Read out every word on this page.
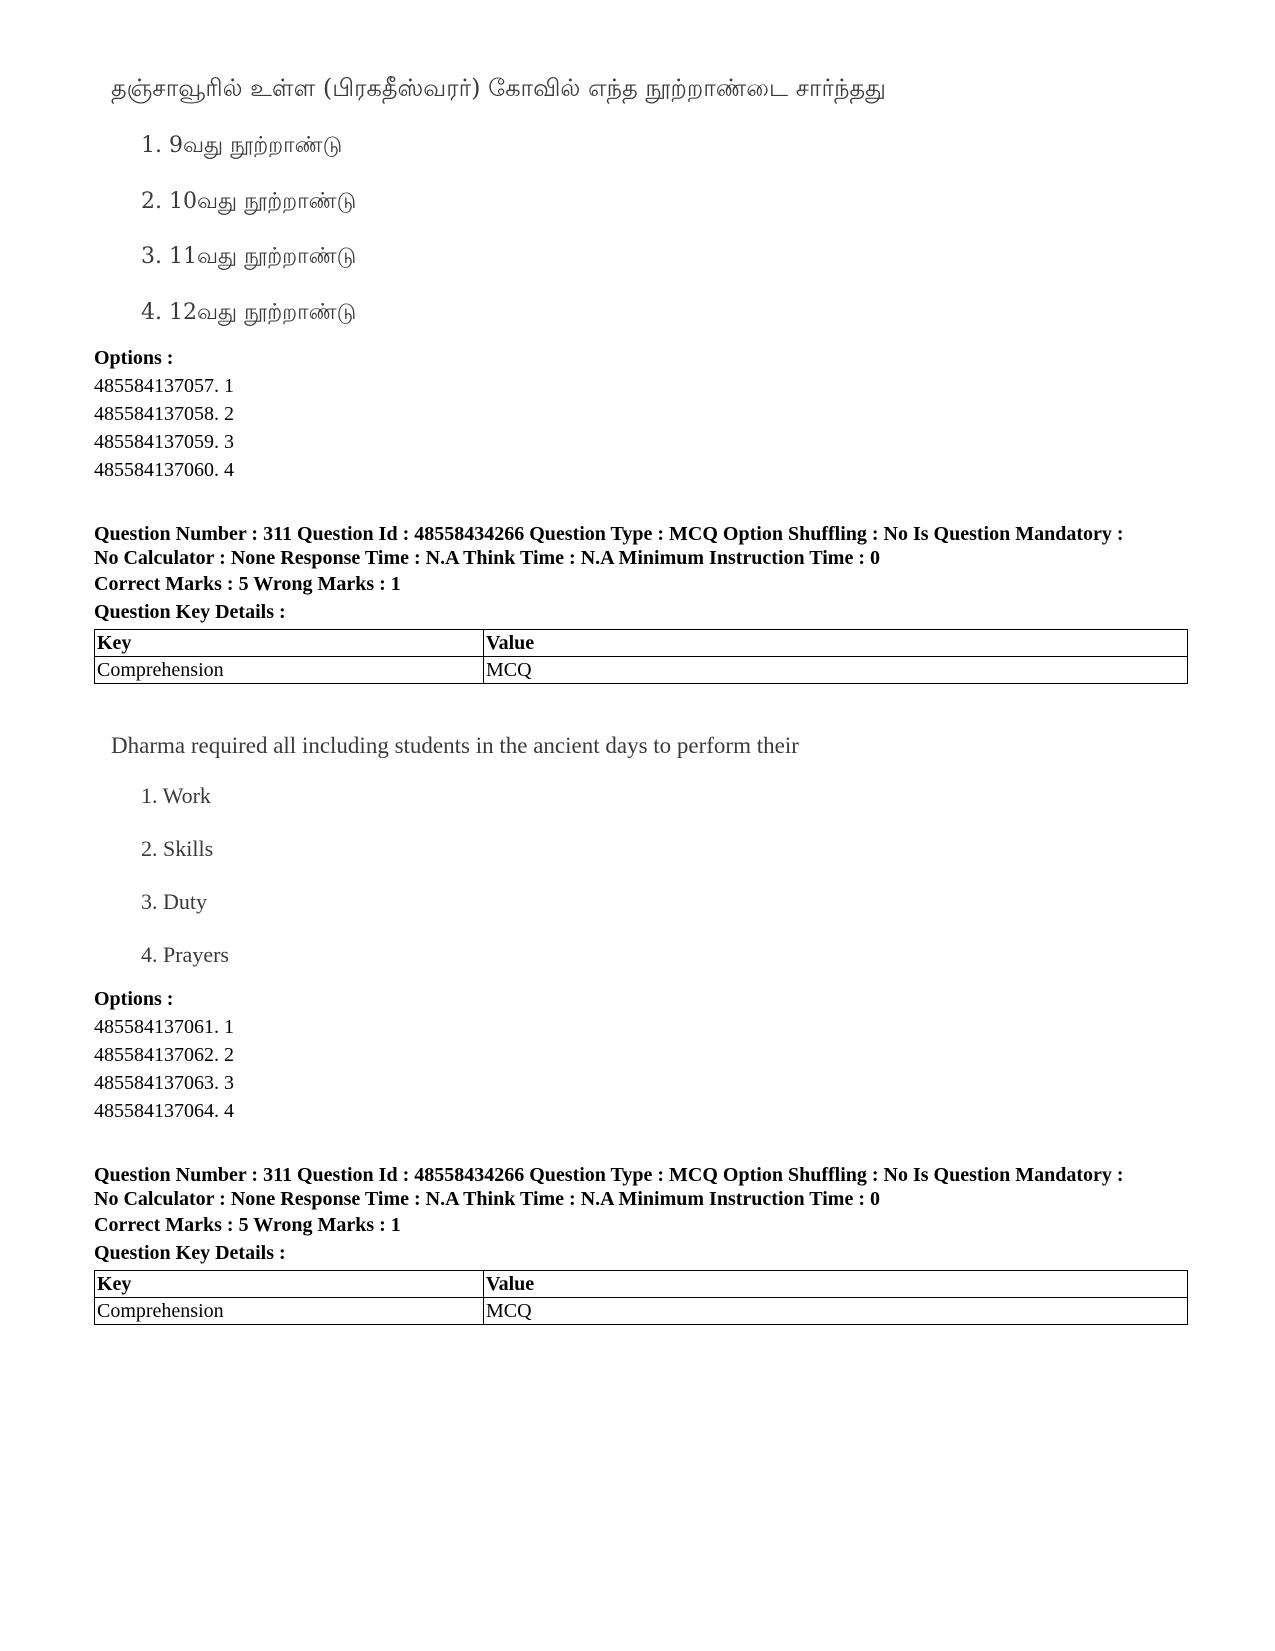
தஞ்சாவூரில் உள்ள (பிரகதீஸ்வரர்) கோவில் எந்த நூற்றாண்டை சார்ந்தது
1. 9வது நூற்றாண்டு
2. 10வது நூற்றாண்டு
3. 11வது நூற்றாண்டு
4. 12வது நூற்றாண்டு
Options :
485584137057. 1
485584137058. 2
485584137059. 3
485584137060. 4
Question Number : 311 Question Id : 48558434266 Question Type : MCQ Option Shuffling : No Is Question Mandatory :
No Calculator : None Response Time : N.A Think Time : N.A Minimum Instruction Time : 0
Correct Marks : 5 Wrong Marks : 1
Question Key Details :
Key	Value
Comprehension	MCQ
Dharma required all including students in the ancient days to perform their
1. Work
2. Skills
3. Duty
4. Prayers
Options :
485584137061. 1
485584137062. 2
485584137063. 3
485584137064. 4
Question Number : 311 Question Id : 48558434266 Question Type : MCQ Option Shuffling : No Is Question Mandatory :
No Calculator : None Response Time : N.A Think Time : N.A Minimum Instruction Time : 0
Correct Marks : 5 Wrong Marks : 1
Question Key Details :
Key	Value
Comprehension	MCQ
